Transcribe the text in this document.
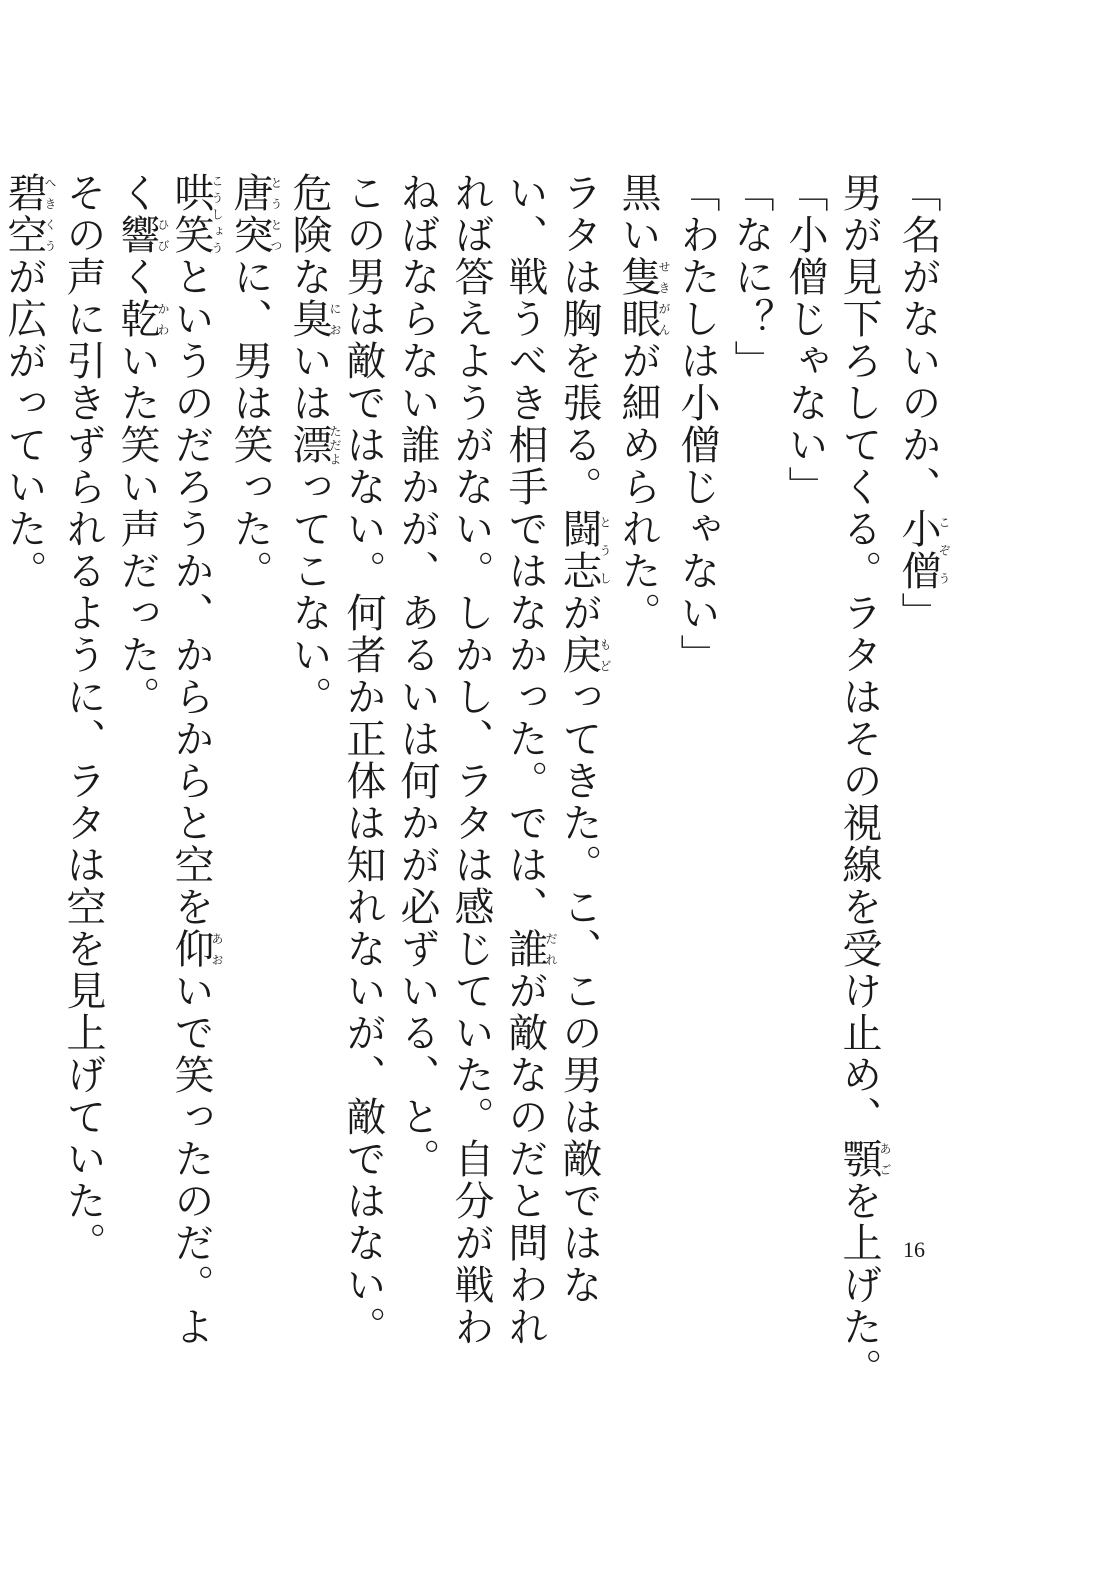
「名がないのか、小僧こぞう」

男が見下ろしてくる。ラタはその視線を受け止め、顎あごを上げた。

「小僧じゃない」

「なに？」

「わたしは小僧じゃない」

黒い隻眼せきがんが細められた。

ラタは胸を張る。闘志とうしが戻もどってきた。こ、この男は敵ではない、戦うべき相手ではなかった。では、誰だれが敵なのだと問われれば答えようがない。しかし、ラタは感じていた。自分が戦わねばならない誰かが、あるいは何かが必ずいる、と。

この男は敵ではない。何者か正体は知れないが、敵ではない。危険な臭においは漂ただよってこない。

唐突とうとつに、男は笑った。

哄笑こうしょうというのだろうか、からからと空を仰あおいで笑ったのだ。よく響ひびく乾かわいた笑い声だった。

その声に引きずられるように、ラタは空を見上げていた。

碧空へきくうが広がっていた。

16
